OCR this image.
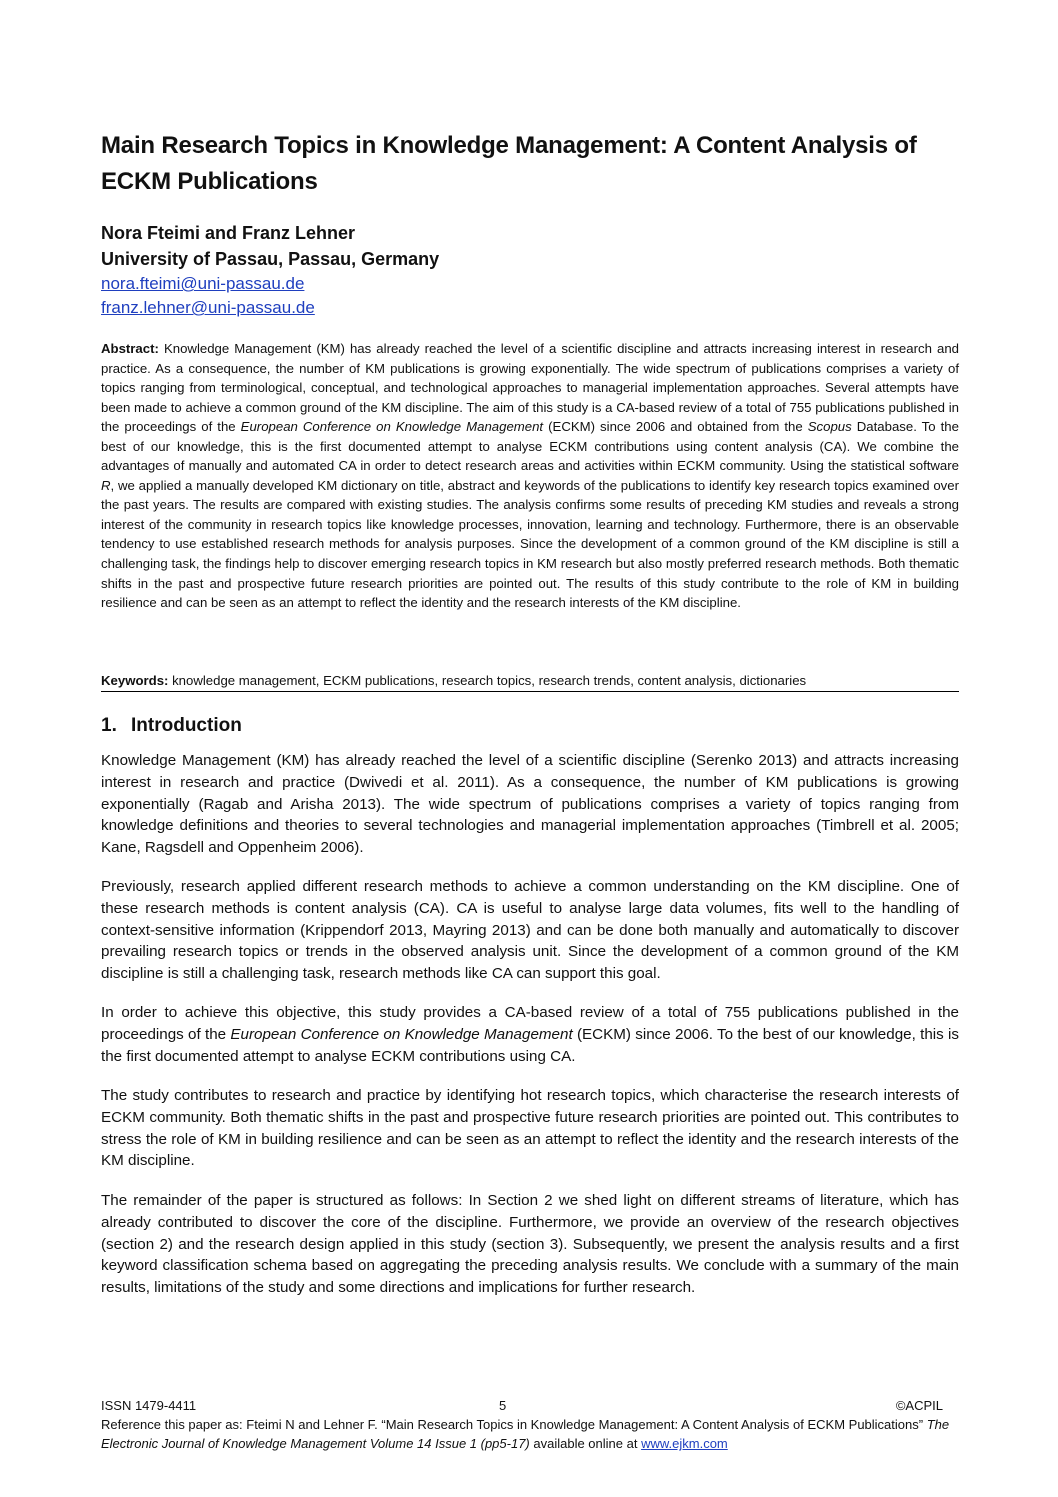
Main Research Topics in Knowledge Management: A Content Analysis of ECKM Publications
Nora Fteimi and Franz Lehner
University of Passau, Passau, Germany
nora.fteimi@uni-passau.de
franz.lehner@uni-passau.de
Abstract: Knowledge Management (KM) has already reached the level of a scientific discipline and attracts increasing interest in research and practice. As a consequence, the number of KM publications is growing exponentially. The wide spectrum of publications comprises a variety of topics ranging from terminological, conceptual, and technological approaches to managerial implementation approaches. Several attempts have been made to achieve a common ground of the KM discipline. The aim of this study is a CA-based review of a total of 755 publications published in the proceedings of the European Conference on Knowledge Management (ECKM) since 2006 and obtained from the Scopus Database. To the best of our knowledge, this is the first documented attempt to analyse ECKM contributions using content analysis (CA). We combine the advantages of manually and automated CA in order to detect research areas and activities within ECKM community. Using the statistical software R, we applied a manually developed KM dictionary on title, abstract and keywords of the publications to identify key research topics examined over the past years. The results are compared with existing studies. The analysis confirms some results of preceding KM studies and reveals a strong interest of the community in research topics like knowledge processes, innovation, learning and technology. Furthermore, there is an observable tendency to use established research methods for analysis purposes. Since the development of a common ground of the KM discipline is still a challenging task, the findings help to discover emerging research topics in KM research but also mostly preferred research methods. Both thematic shifts in the past and prospective future research priorities are pointed out. The results of this study contribute to the role of KM in building resilience and can be seen as an attempt to reflect the identity and the research interests of the KM discipline.
Keywords: knowledge management, ECKM publications, research topics, research trends, content analysis, dictionaries
1. Introduction
Knowledge Management (KM) has already reached the level of a scientific discipline (Serenko 2013) and attracts increasing interest in research and practice (Dwivedi et al. 2011). As a consequence, the number of KM publications is growing exponentially (Ragab and Arisha 2013). The wide spectrum of publications comprises a variety of topics ranging from knowledge definitions and theories to several technologies and managerial implementation approaches (Timbrell et al. 2005; Kane, Ragsdell and Oppenheim 2006).
Previously, research applied different research methods to achieve a common understanding on the KM discipline. One of these research methods is content analysis (CA). CA is useful to analyse large data volumes, fits well to the handling of context-sensitive information (Krippendorf 2013, Mayring 2013) and can be done both manually and automatically to discover prevailing research topics or trends in the observed analysis unit. Since the development of a common ground of the KM discipline is still a challenging task, research methods like CA can support this goal.
In order to achieve this objective, this study provides a CA-based review of a total of 755 publications published in the proceedings of the European Conference on Knowledge Management (ECKM) since 2006. To the best of our knowledge, this is the first documented attempt to analyse ECKM contributions using CA.
The study contributes to research and practice by identifying hot research topics, which characterise the research interests of ECKM community. Both thematic shifts in the past and prospective future research priorities are pointed out. This contributes to stress the role of KM in building resilience and can be seen as an attempt to reflect the identity and the research interests of the KM discipline.
The remainder of the paper is structured as follows: In Section 2 we shed light on different streams of literature, which has already contributed to discover the core of the discipline. Furthermore, we provide an overview of the research objectives (section 2) and the research design applied in this study (section 3). Subsequently, we present the analysis results and a first keyword classification schema based on aggregating the preceding analysis results. We conclude with a summary of the main results, limitations of the study and some directions and implications for further research.
ISSN 1479-4411	5	©ACPIL
Reference this paper as: Fteimi N and Lehner F. “Main Research Topics in Knowledge Management: A Content Analysis of ECKM Publications” The Electronic Journal of Knowledge Management Volume 14 Issue 1 (pp5-17) available online at www.ejkm.com
